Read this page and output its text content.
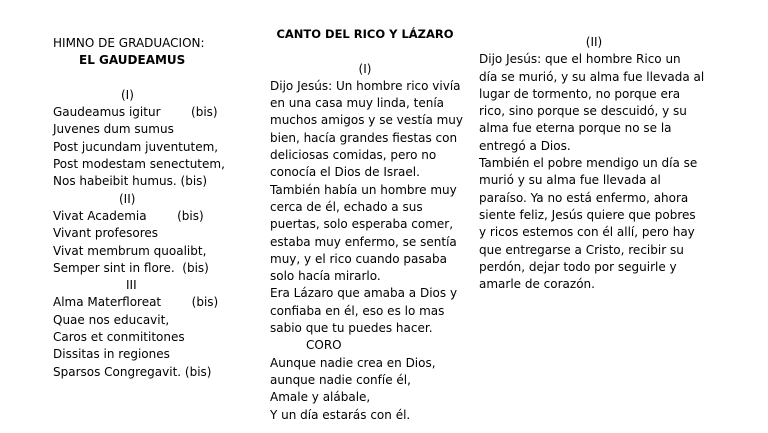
HIMNO DE GRADUACION:
EL GAUDEAMUS
(I)
Gaudeamus igitur        (bis)
Juvenes dum sumus
Post jucundam juventutem,
Post modestam senectutem,
Nos habeibit humus. (bis)
(II)
Vivat Academia        (bis)
Vivant profesores
Vivat membrum quoalibt,
Semper sint in flore.  (bis)
III
Alma Materfloreat        (bis)
Quae nos educavit,
Caros et conmititones
Dissitas in regiones
Sparsos Congregavit. (bis)
CANTO DEL RICO Y LÁZARO
(I)
Dijo Jesús: Un hombre rico vivía
en una casa muy linda, tenía
muchos amigos y se vestía muy
bien, hacía grandes fiestas con
deliciosas comidas, pero no
conocía el Dios de Israel.
También había un hombre muy
cerca de él, echado a sus
puertas, solo esperaba comer,
estaba muy enfermo, se sentía
muy, y el rico cuando pasaba
solo hacía mirarlo.
Era Lázaro que amaba a Dios y
confiaba en él, eso es lo mas
sabio que tu puedes hacer.
CORO
Aunque nadie crea en Dios,
aunque nadie confíe él,
Amale y alábale,
Y un día estarás con él.
(II)
Dijo Jesús: que el hombre Rico un
día se murió, y su alma fue llevada al
lugar de tormento, no porque era
rico, sino porque se descuidó, y su
alma fue eterna porque no se la
entregó a Dios.
También el pobre mendigo un día se
murió y su alma fue llevada al
paraíso. Ya no está enfermo, ahora
siente feliz, Jesús quiere que pobres
y ricos estemos con él allí, pero hay
que entregarse a Cristo, recibir su
perdón, dejar todo por seguirle y
amarle de corazón.
